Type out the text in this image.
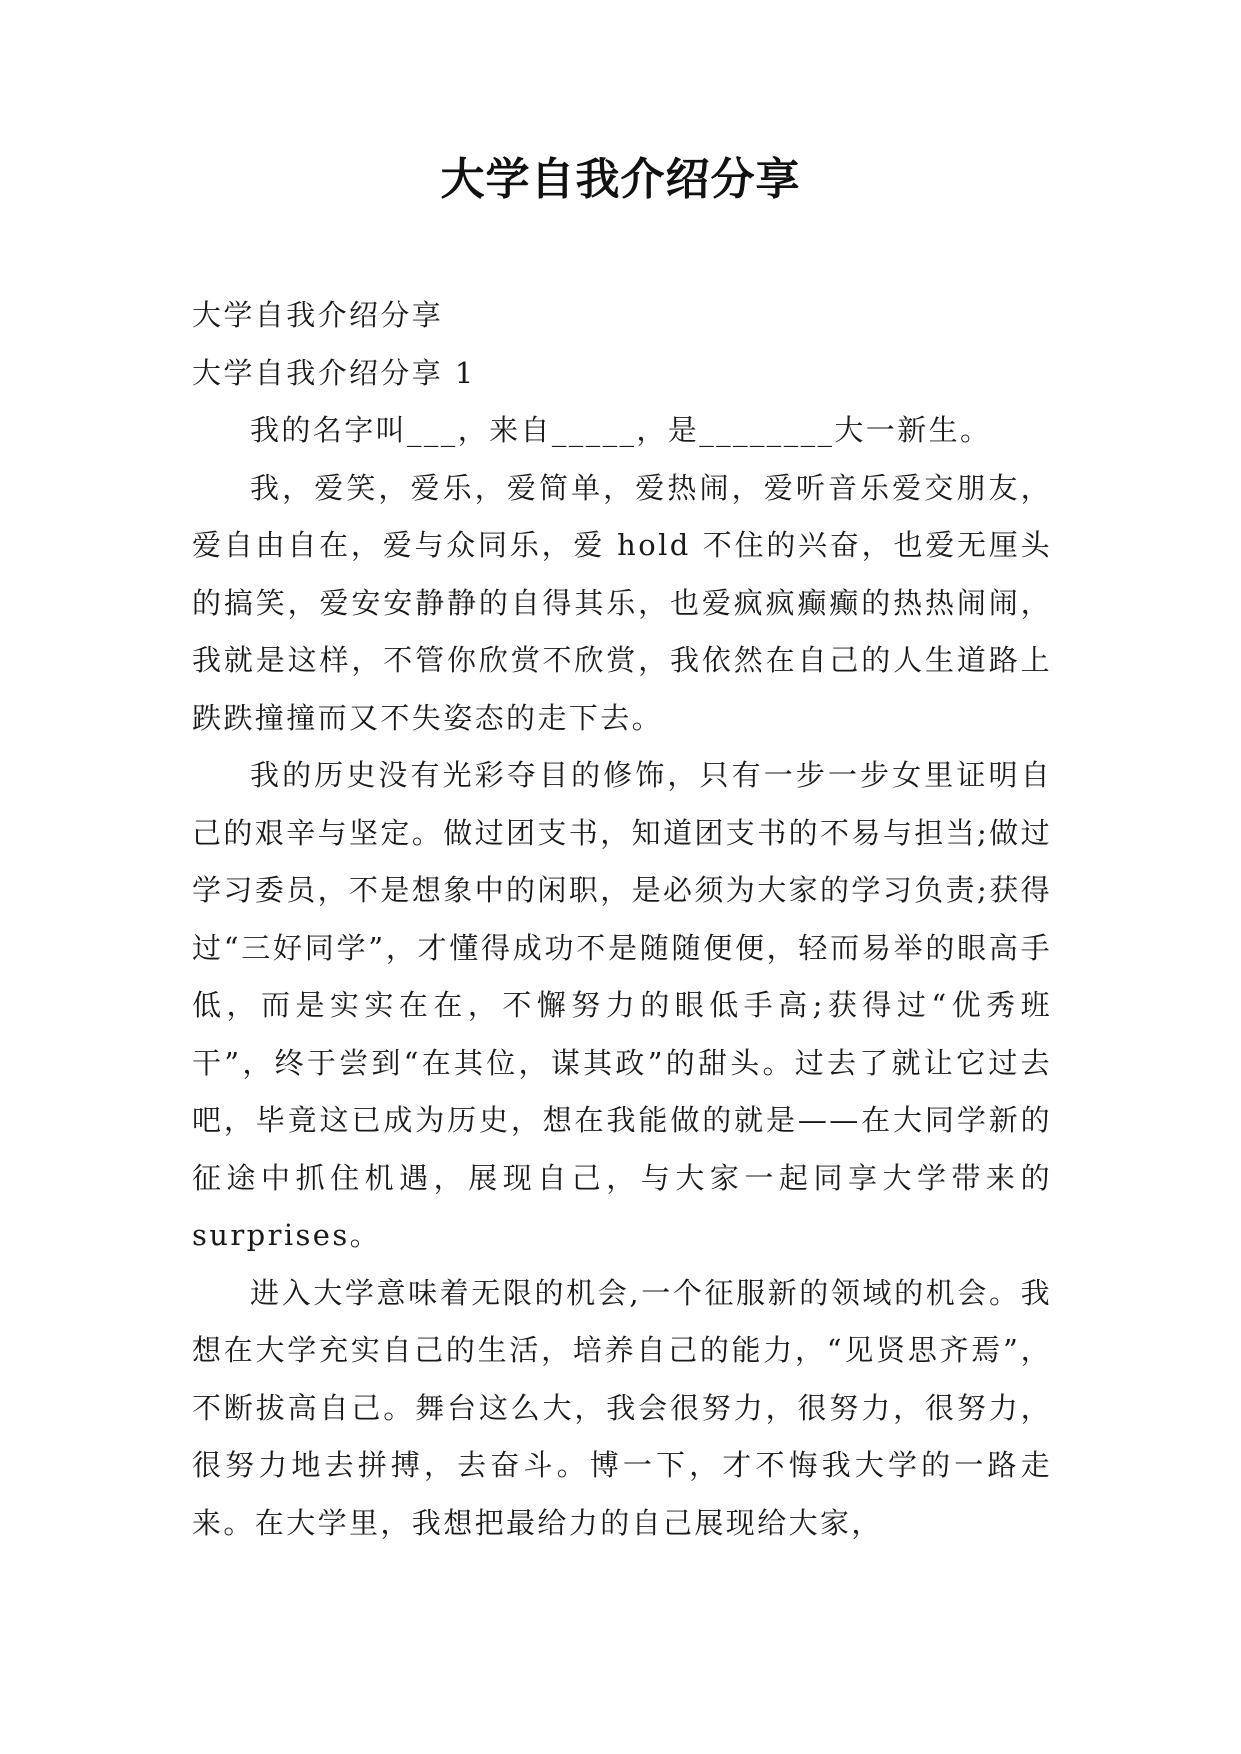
大学自我介绍分享

大学自我介绍分享

大学自我介绍分享 1

我的名字叫___，来自_____，是________大一新生。

我，爱笑，爱乐，爱简单，爱热闹，爱听音乐爱交朋友，爱自由自在，爱与众同乐，爱 hold 不住的兴奋，也爱无厘头的搞笑，爱安安静静的自得其乐，也爱疯疯癫癫的热热闹闹，我就是这样，不管你欣赏不欣赏，我依然在自己的人生道路上跌跌撞撞而又不失姿态的走下去。

我的历史没有光彩夺目的修饰，只有一步一步女里证明自己的艰辛与坚定。做过团支书，知道团支书的不易与担当;做过学习委员，不是想象中的闲职，是必须为大家的学习负责;获得过“三好同学”，才懂得成功不是随随便便，轻而易举的眼高手低，而是实实在在，不懈努力的眼低手高;获得过“优秀班干”，终于尝到“在其位，谋其政”的甜头。过去了就让它过去吧，毕竟这已成为历史，想在我能做的就是——在大同学新的征途中抓住机遇，展现自己，与大家一起同享大学带来的 surprises。

进入大学意味着无限的机会,一个征服新的领域的机会。我想在大学充实自己的生活，培养自己的能力，“见贤思齐焉”，不断拔高自己。舞台这么大，我会很努力，很努力，很努力，很努力地去拼搏，去奋斗。博一下，才不悔我大学的一路走来。在大学里，我想把最给力的自己展现给大家，
